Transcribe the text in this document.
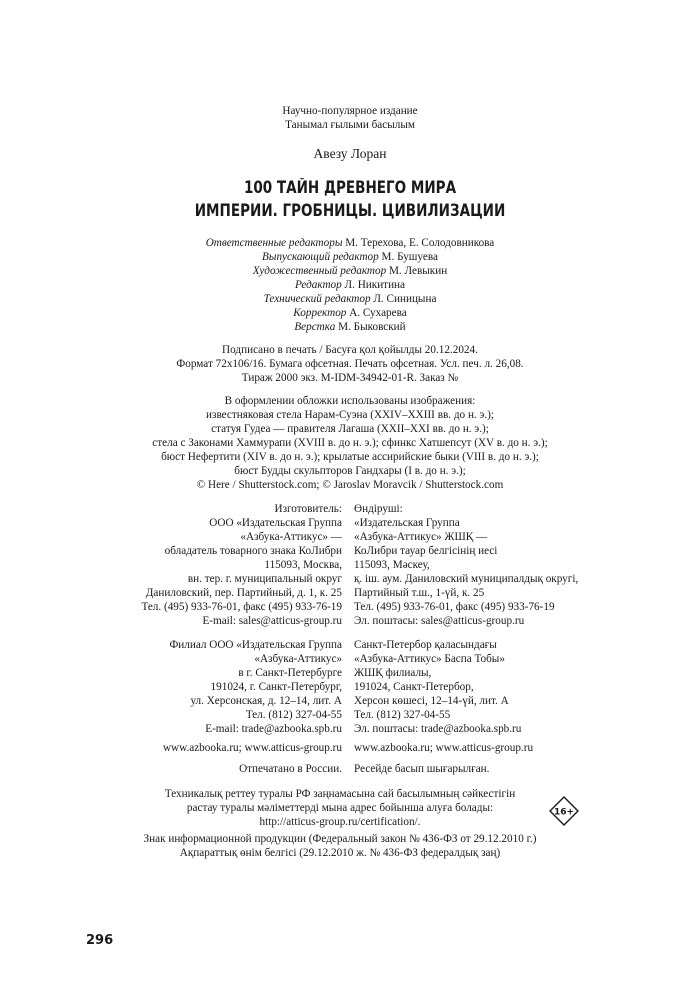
Научно-популярное издание
Танымал ғылыми басылым
Авезу Лоран
100 ТАЙН ДРЕВНЕГО МИРА
ИМПЕРИИ. ГРОБНИЦЫ. ЦИВИЛИЗАЦИИ
Ответственные редакторы М. Терехова, Е. Солодовникова
Выпускающий редактор М. Бушуева
Художественный редактор М. Левыкин
Редактор Л. Никитина
Технический редактор Л. Синицына
Корректор А. Сухарева
Верстка М. Быковский
Подписано в печать / Басуға қол қойылды 20.12.2024.
Формат 72х106/16. Бумага офсетная. Печать офсетная. Усл. печ. л. 26,08.
Тираж 2000 экз. М-IDM-34942-01-R. Заказ №
В оформлении обложки использованы изображения:
известняковая стела Нарам-Суэна (XXIV–XXIII вв. до н. э.);
статуя Гудеа — правителя Лагаша (XXII–XXI вв. до н. э.);
стела с Законами Хаммурапи (XVIII в. до н. э.); сфинкс Хатшепсут (XV в. до н. э.);
бюст Нефертити (XIV в. до н. э.); крылатые ассирийские быки (VIII в. до н. э.);
бюст Будды скульпторов Гандхары (I в. до н. э.);
© Here / Shutterstock.com; © Jaroslav Moravcik / Shutterstock.com
Изготовитель:
ООО «Издательская Группа
«Азбука-Аттикус» —
обладатель товарного знака КоЛибри
115093, Москва,
вн. тер. г. муниципальный округ
Даниловский, пер. Партийный, д. 1, к. 25
Тел. (495) 933-76-01, факс (495) 933-76-19
E-mail: sales@atticus-group.ru
Өндіруші:
«Издательская Группа
«Азбука-Аттикус» ЖШҚ —
КоЛибри тауар белгісінің иесі
115093, Мәскеу,
қ. іш. аум. Даниловский муниципалдық округі,
Партийный т.ш., 1-үй, к. 25
Тел. (495) 933-76-01, факс (495) 933-76-19
Эл. поштасы: sales@atticus-group.ru
Филиал ООО «Издательская Группа
«Азбука-Аттикус»
в г. Санкт-Петербурге
191024, г. Санкт-Петербург,
ул. Херсонская, д. 12–14, лит. А
Тел. (812) 327-04-55
E-mail: trade@azbooka.spb.ru
Санкт-Петербор қаласындағы
«Азбука-Аттикус» Баспа Тобы»
ЖШҚ филиалы,
191024, Санкт-Петербор,
Херсон көшесі, 12–14-үй, лит. А
Тел. (812) 327-04-55
Эл. поштасы: trade@azbooka.spb.ru
www.azbooka.ru; www.atticus-group.ru www.azbooka.ru; www.atticus-group.ru
Отпечатано в России. Ресейде басып шығарылған.
Техникалық реттеу туралы РФ заңнамасына сай басылымның сәйкестігін
растау туралы мәліметтерді мына адрес бойынша алуға болады:
http://atticus-group.ru/certification/.
Знак информационной продукции (Федеральный закон № 436-ФЗ от 29.12.2010 г.)
Ақпараттық өнім белгісі (29.12.2010 ж. № 436-ФЗ федералдық заң)
16+
296
